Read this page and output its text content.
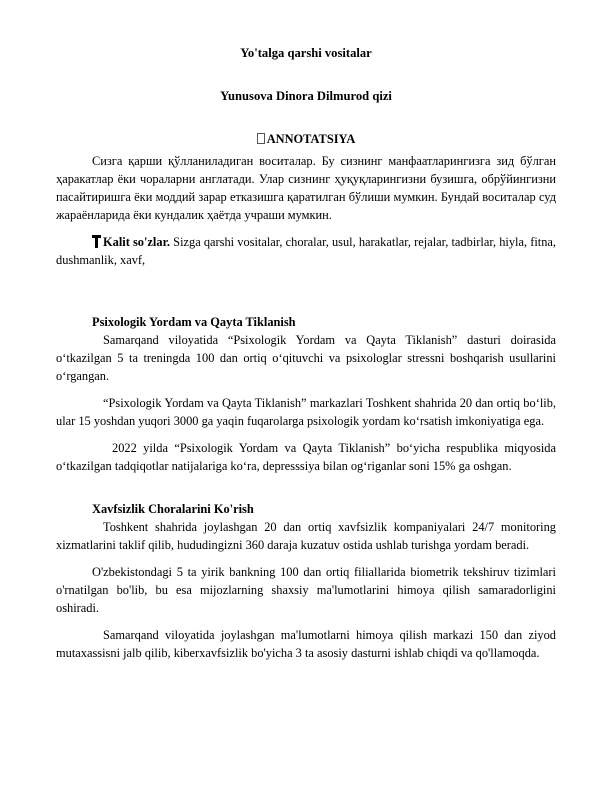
Yo'talga qarshi vositalar
Yunusova Dinora Dilmurod qizi
ANNOTATSIYA

Сизга қарши қўлланиладиган воситалар. Бу сизнинг манфаатларингизга зид бўлган ҳаракатлар ёки чораларни англатади. Улар сизнинг ҳуқуқларингизни бузишга, обрўйингизни пасайтиришга ёки моддий зарар етказишга қаратилган бўлиши мумкин. Бундай воситалар суд жараёнларида ёки кундалик ҳаётда учраши мумкин.

Kalit so'zlar. Sizga qarshi vositalar, choralar, usul, harakatlar, rejalar, tadbirlar, hiyla, fitna, dushmanlik, xavf,

Psixologik Yordam va Qayta Tiklanish

Samarqand viloyatida “Psixologik Yordam va Qayta Tiklanish” dasturi doirasida oʻtkazilgan 5 ta treningda 100 dan ortiq oʻqituvchi va psixologlar stressni boshqarish usullarini oʻrgangan.

“Psixologik Yordam va Qayta Tiklanish” markazlari Toshkent shahrida 20 dan ortiq boʻlib, ular 15 yoshdan yuqori 3000 ga yaqin fuqarolarga psixologik yordam koʻrsatish imkoniyatiga ega.

2022 yilda “Psixologik Yordam va Qayta Tiklanish” boʻyicha respublika miqyosida oʻtkazilgan tadqiqotlar natijalariga koʻra, depresssiya bilan ogʻriganlar soni 15% ga oshgan.

Xavfsizlik Choralarini Ko'rish

Toshkent shahrida joylashgan 20 dan ortiq xavfsizlik kompaniyalari 24/7 monitoring xizmatlarini taklif qilib, hududingizni 360 daraja kuzatuv ostida ushlab turishga yordam beradi.

O'zbekistondagi 5 ta yirik bankning 100 dan ortiq filiallarida biometrik tekshiruv tizimlari o'rnatilgan bo'lib, bu esa mijozlarning shaxsiy ma'lumotlarini himoya qilish samaradorligini oshiradi.

Samarqand viloyatida joylashgan ma'lumotlarni himoya qilish markazi 150 dan ziyod mutaxassisni jalb qilib, kiberxavfsizlik bo'yicha 3 ta asosiy dasturni ishlab chiqdi va qo'llamoqda.
